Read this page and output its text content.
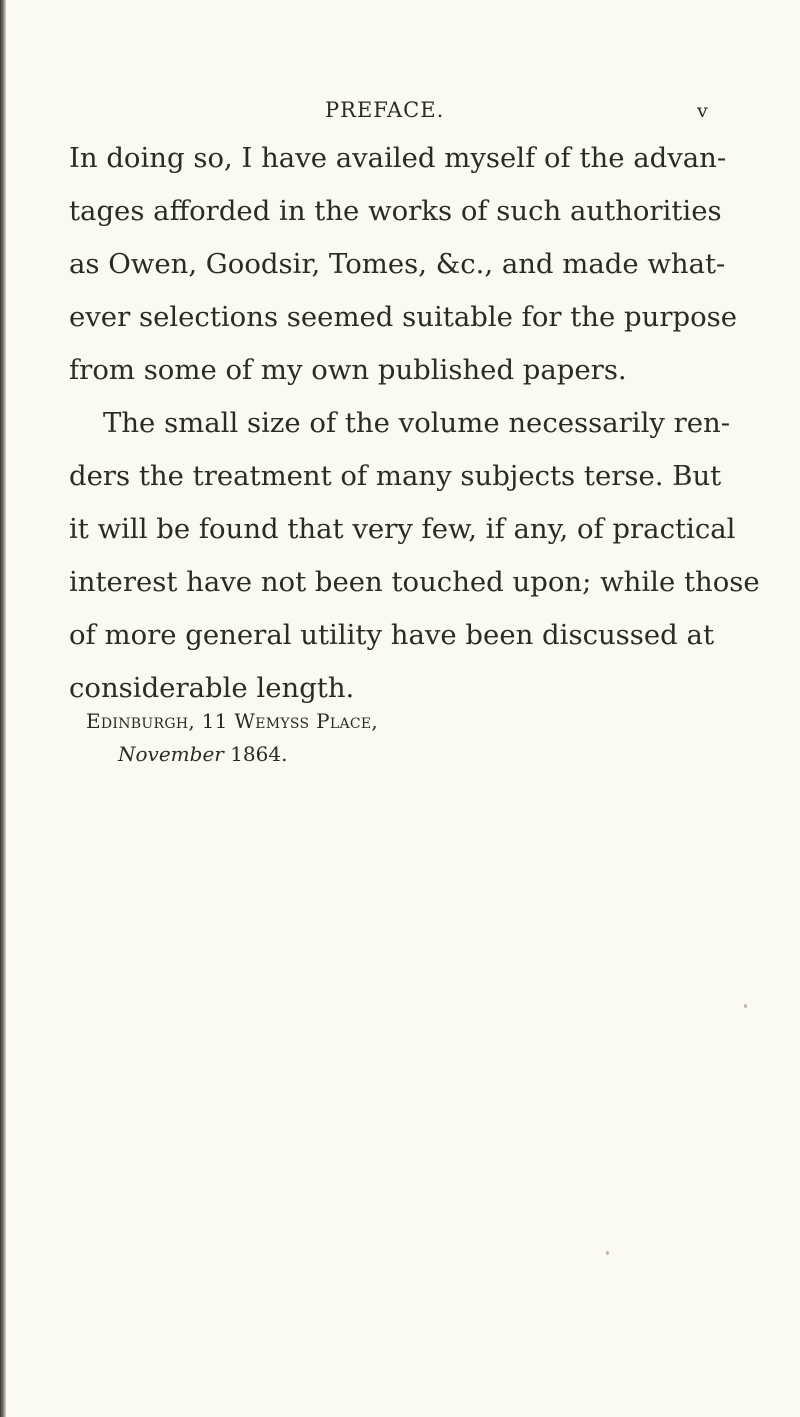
PREFACE.	v
In doing so, I have availed myself of the advan-
tages afforded in the works of such authorities
as Owen, Goodsir, Tomes, &c., and made what-
ever selections seemed suitable for the purpose
from some of my own published papers.
The small size of the volume necessarily ren-
ders the treatment of many subjects terse. But
it will be found that very few, if any, of practical
interest have not been touched upon; while those
of more general utility have been discussed at
considerable length.
Edinburgh, 11 Wemyss Place,
November 1864.
